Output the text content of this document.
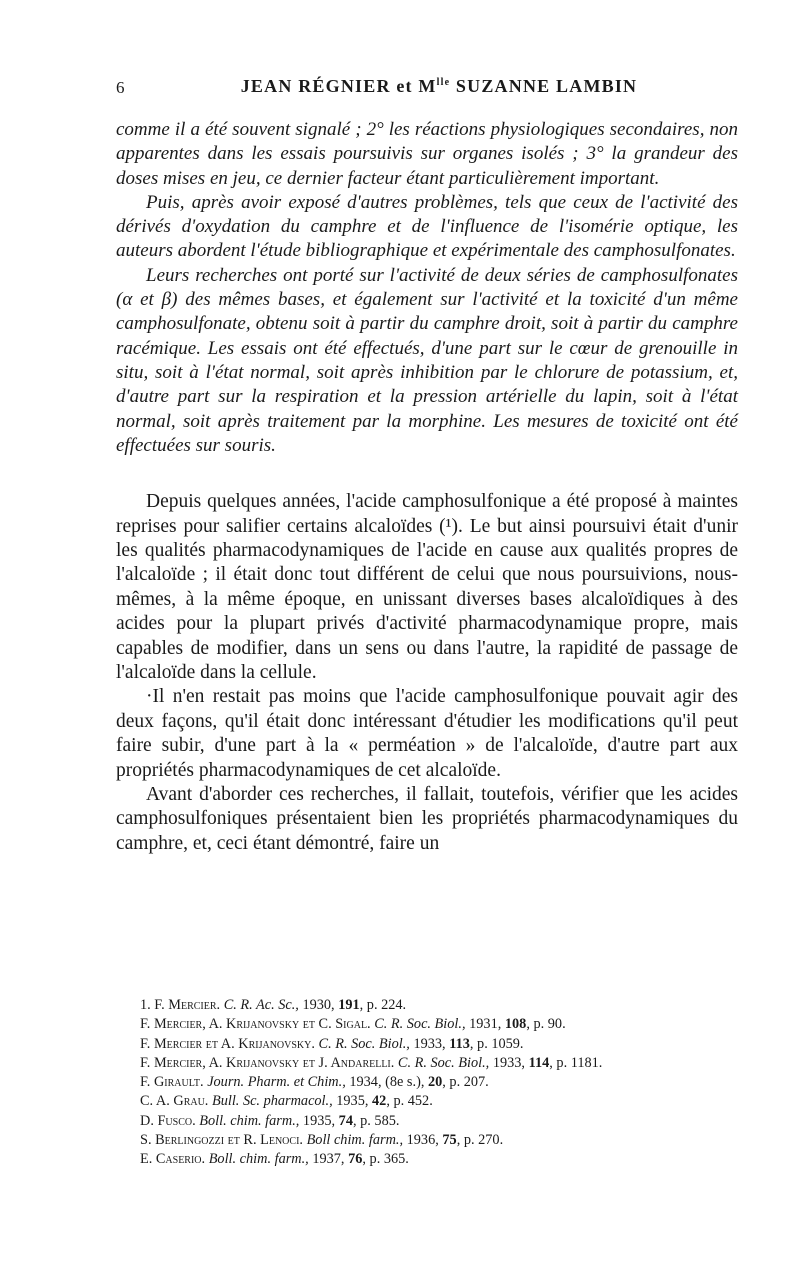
6	JEAN RÉGNIER et $M^{lle}$ SUZANNE LAMBIN

comme il a été souvent signalé ; 2° les réactions physiologiques secondaires, non apparentes dans les essais poursuivis sur organes isolés ; 3° la grandeur des doses mises en jeu, ce dernier facteur étant particulièrement important.

Puis, après avoir exposé d'autres problèmes, tels que ceux de l'activité des dérivés d'oxydation du camphre et de l'influence de l'isomérie optique, les auteurs abordent l'étude bibliographique et expérimentale des camphosulfonates.

Leurs recherches ont porté sur l'activité de deux séries de camphosulfonates (α et β) des mêmes bases, et également sur l'activité et la toxicité d'un même camphosulfonate, obtenu soit à partir du camphre droit, soit à partir du camphre racémique. Les essais ont été effectués, d'une part sur le cœur de grenouille in situ, soit à l'état normal, soit après inhibition par le chlorure de potassium, et, d'autre part sur la respiration et la pression artérielle du lapin, soit à l'état normal, soit après traitement par la morphine. Les mesures de toxicité ont été effectuées sur souris.

Depuis quelques années, l'acide camphosulfonique a été proposé à maintes reprises pour salifier certains alcaloïdes (¹). Le but ainsi poursuivi était d'unir les qualités pharmacodynamiques de l'acide en cause aux qualités propres de l'alcaloïde ; il était donc tout différent de celui que nous poursuivions, nous-mêmes, à la même époque, en unissant diverses bases alcaloïdiques à des acides pour la plupart privés d'activité pharmacodynamique propre, mais capables de modifier, dans un sens ou dans l'autre, la rapidité de passage de l'alcaloïde dans la cellule.

·Il n'en restait pas moins que l'acide camphosulfonique pouvait agir des deux façons, qu'il était donc intéressant d'étudier les modifications qu'il peut faire subir, d'une part à la « perméation » de l'alcaloïde, d'autre part aux propriétés pharmacodynamiques de cet alcaloïde.

Avant d'aborder ces recherches, il fallait, toutefois, vérifier que les acides camphosulfoniques présentaient bien les propriétés pharmacodynamiques du camphre, et, ceci étant démontré, faire un

1. F. Mercier. C. R. Ac. Sc., 1930, 191, p. 224.
F. Mercier, A. Krijanovsky et C. Sigal. C. R. Soc. Biol., 1931, 108, p. 90.
F. Mercier et A. Krijanovsky. C. R. Soc. Biol., 1933, 113, p. 1059.
F. Mercier, A. Krijanovsky et J. Andarelli. C. R. Soc. Biol., 1933, 114, p. 1181.
F. Girault. Journ. Pharm. et Chim., 1934, (8e s.), 20, p. 207.
C. A. Grau. Bull. Sc. pharmacol., 1935, 42, p. 452.
D. Fusco. Boll. chim. farm., 1935, 74, p. 585.
S. Berlingozzi et R. Lenoci. Boll chim. farm., 1936, 75, p. 270.
E. Caserio. Boll. chim. farm., 1937, 76, p. 365.
